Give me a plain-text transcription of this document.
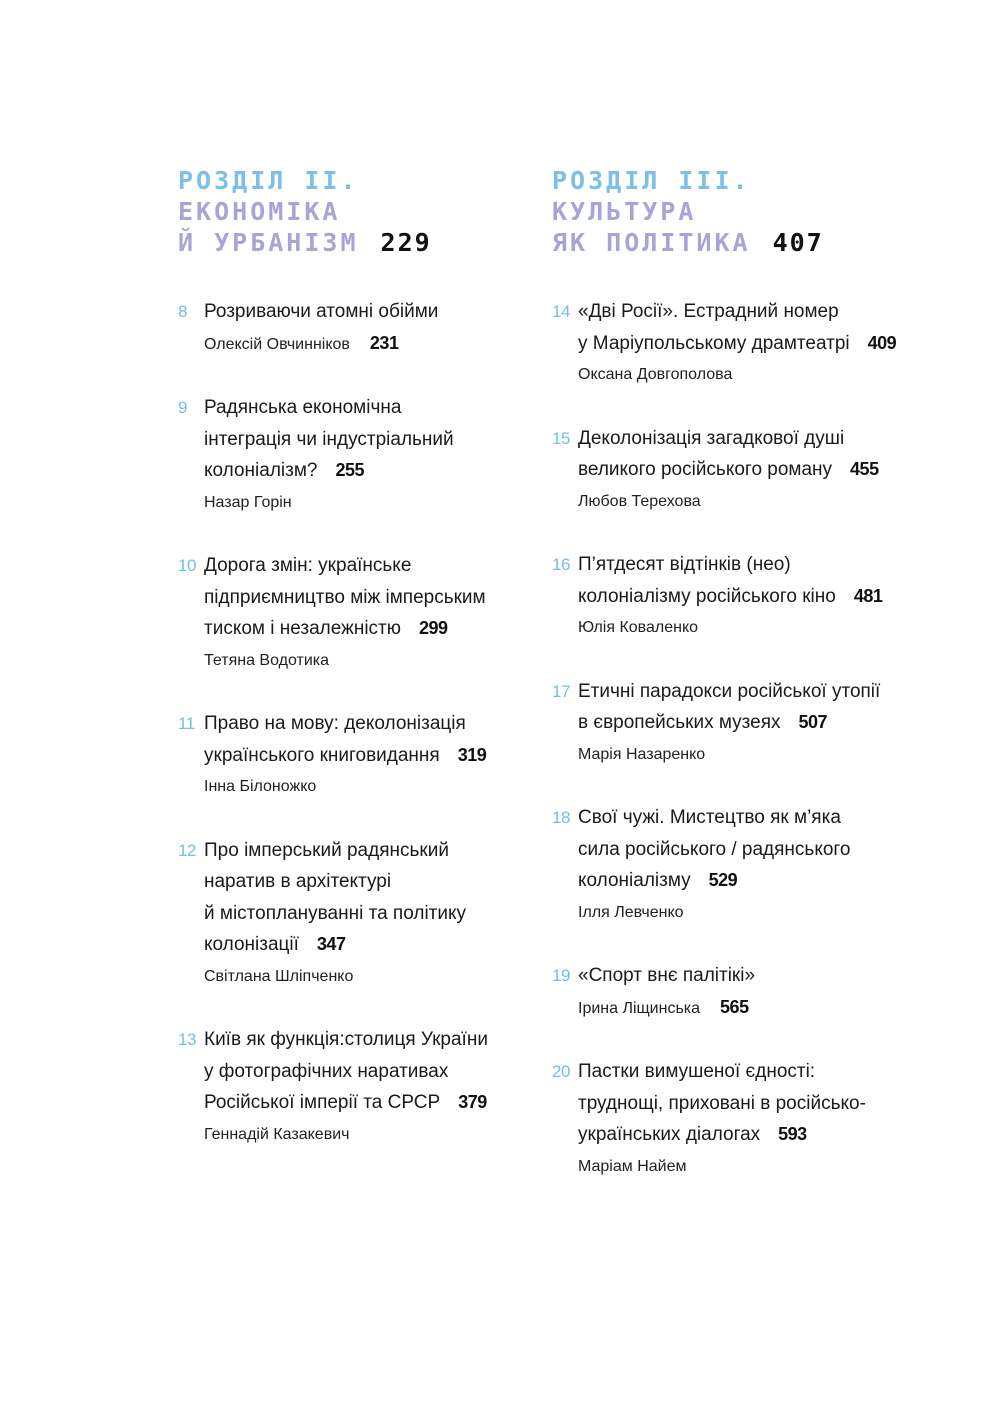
РОЗДІЛ II.
ЕКОНОМІКА
Й УРБАНІЗМ 229
8 Розриваючи атомні обійми
Олексій Овчинніков 231
9 Радянська економічна
інтеграція чи індустріальний
колоніалізм? 255
Назар Горін
10 Дорога змін: українське
підприємництво між імперським
тиском і незалежністю 299
Тетяна Водотика
11 Право на мову: деколонізація
українського книговидання 319
Інна Білоножко
12 Про імперський радянський
наратив в архітектурі
й містоплануванні та політику
колонізації 347
Світлана Шліпченко
13 Київ як функція:столиця України
у фотографічних наративах
Російської імперії та СРСР 379
Геннадій Казакевич
РОЗДІЛ III.
КУЛЬТУРА
ЯК ПОЛІТИКА 407
14 «Дві Росії». Естрадний номер
у Маріупольському драмтеатрі 409
Оксана Довгополова
15 Деколонізація загадкової душі
великого російського роману 455
Любов Терехова
16 П’ятдесят відтінків (нео)
колоніалізму російського кіно 481
Юлія Коваленко
17 Етичні парадокси російської утопії
в європейських музеях 507
Марія Назаренко
18 Свої чужі. Мистецтво як м’яка
сила російського / радянського
колоніалізму 529
Ілля Левченко
19 «Спорт внє палітікі»
Ірина Ліщинська 565
20 Пастки вимушеної єдності:
труднощі, приховані в російсько-
українських діалогах 593
Маріам Найем
